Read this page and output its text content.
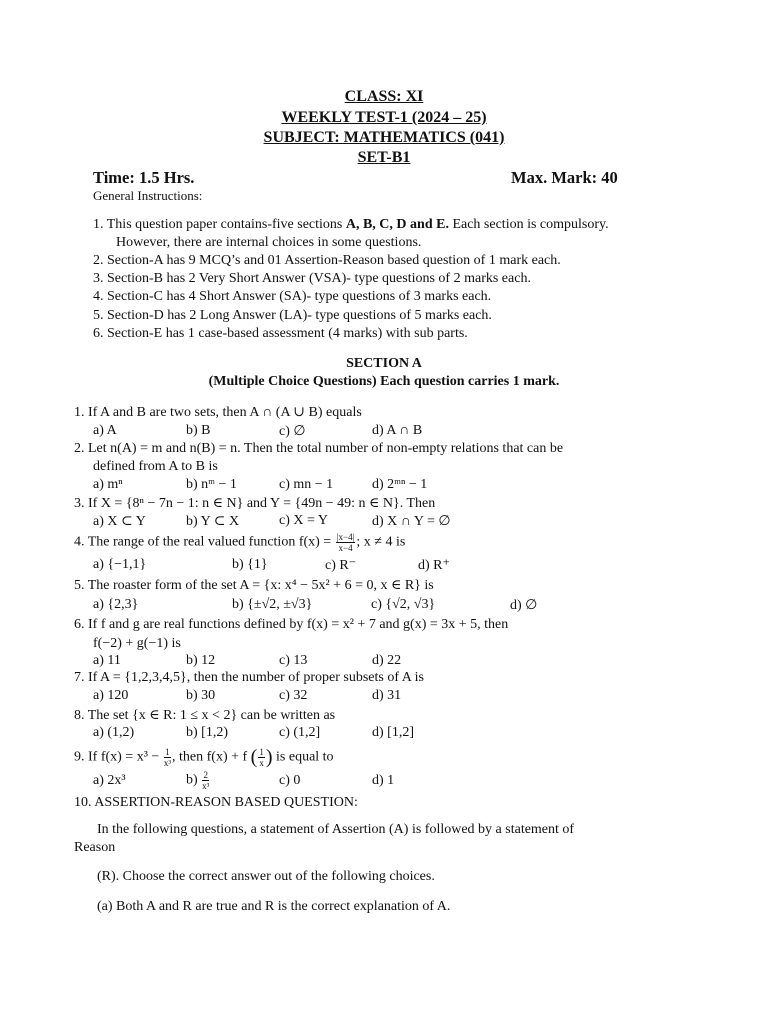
CLASS: XI
WEEKLY TEST-1 (2024 – 25)
SUBJECT: MATHEMATICS (041)
SET-B1
Time: 1.5 Hrs.	Max. Mark: 40
General Instructions:
1. This question paper contains-five sections A, B, C, D and E. Each section is compulsory.
However, there are internal choices in some questions.
2. Section-A has 9 MCQ’s and 01 Assertion-Reason based question of 1 mark each.
3. Section-B has 2 Very Short Answer (VSA)- type questions of 2 marks each.
4. Section-C has 4 Short Answer (SA)- type questions of 3 marks each.
5. Section-D has 2 Long Answer (LA)- type questions of 5 marks each.
6. Section-E has 1 case-based assessment (4 marks) with sub parts.
SECTION A
(Multiple Choice Questions) Each question carries 1 mark.
1. If A and B are two sets, then A ∩ (A ∪ B) equals
a) A	b) B	c) ∅	d) A ∩ B
2. Let n(A) = m and n(B) = n. Then the total number of non-empty relations that can be
defined from A to B is
a) mⁿ	b) nᵐ − 1	c) mn − 1	d) 2ᵐⁿ − 1
3. If X = {8ⁿ − 7n − 1: n ∈ N} and Y = {49n − 49: n ∈ N}. Then
a) X ⊂ Y	b) Y ⊂ X	c) X = Y	d) X ∩ Y = ∅
4. The range of the real valued function $f(x) = \frac{|x-4|}{x-4}$ ; x ≠ 4 is
a) {−1,1}	b) {1}	c) R⁻	d) R⁺
5. The roaster form of the set A = {x: x⁴ − 5x² + 6 = 0, x ∈ R} is
a) {2,3}	b) {±√2, ±√3}	c) {√2, √3}	d) ∅
6. If f and g are real functions defined by f(x) = x² + 7 and g(x) = 3x + 5, then
f(−2) + g(−1) is
a) 11	b) 12	c) 13	d) 22
7. If A = {1,2,3,4,5}, then the number of proper subsets of A is
a) 120	b) 30	c) 32	d) 31
8. The set {x ∈ R: 1 ≤ x < 2} can be written as
a) (1,2)	b) [1,2)	c) (1,2]	d) [1,2]
9. If $f(x) = x^3 - \frac{1}{\text{x³}}$ , then f(x) + f ( $\frac{1}{x}$ ) is equal to
a) 2x³	$b) \frac{2}{\text{x³}}$	c) 0	d) 1
10. ASSERTION-REASON BASED QUESTION:
In the following questions, a statement of Assertion (A) is followed by a statement of
Reason
(R). Choose the correct answer out of the following choices.
(a) Both A and R are true and R is the correct explanation of A.
